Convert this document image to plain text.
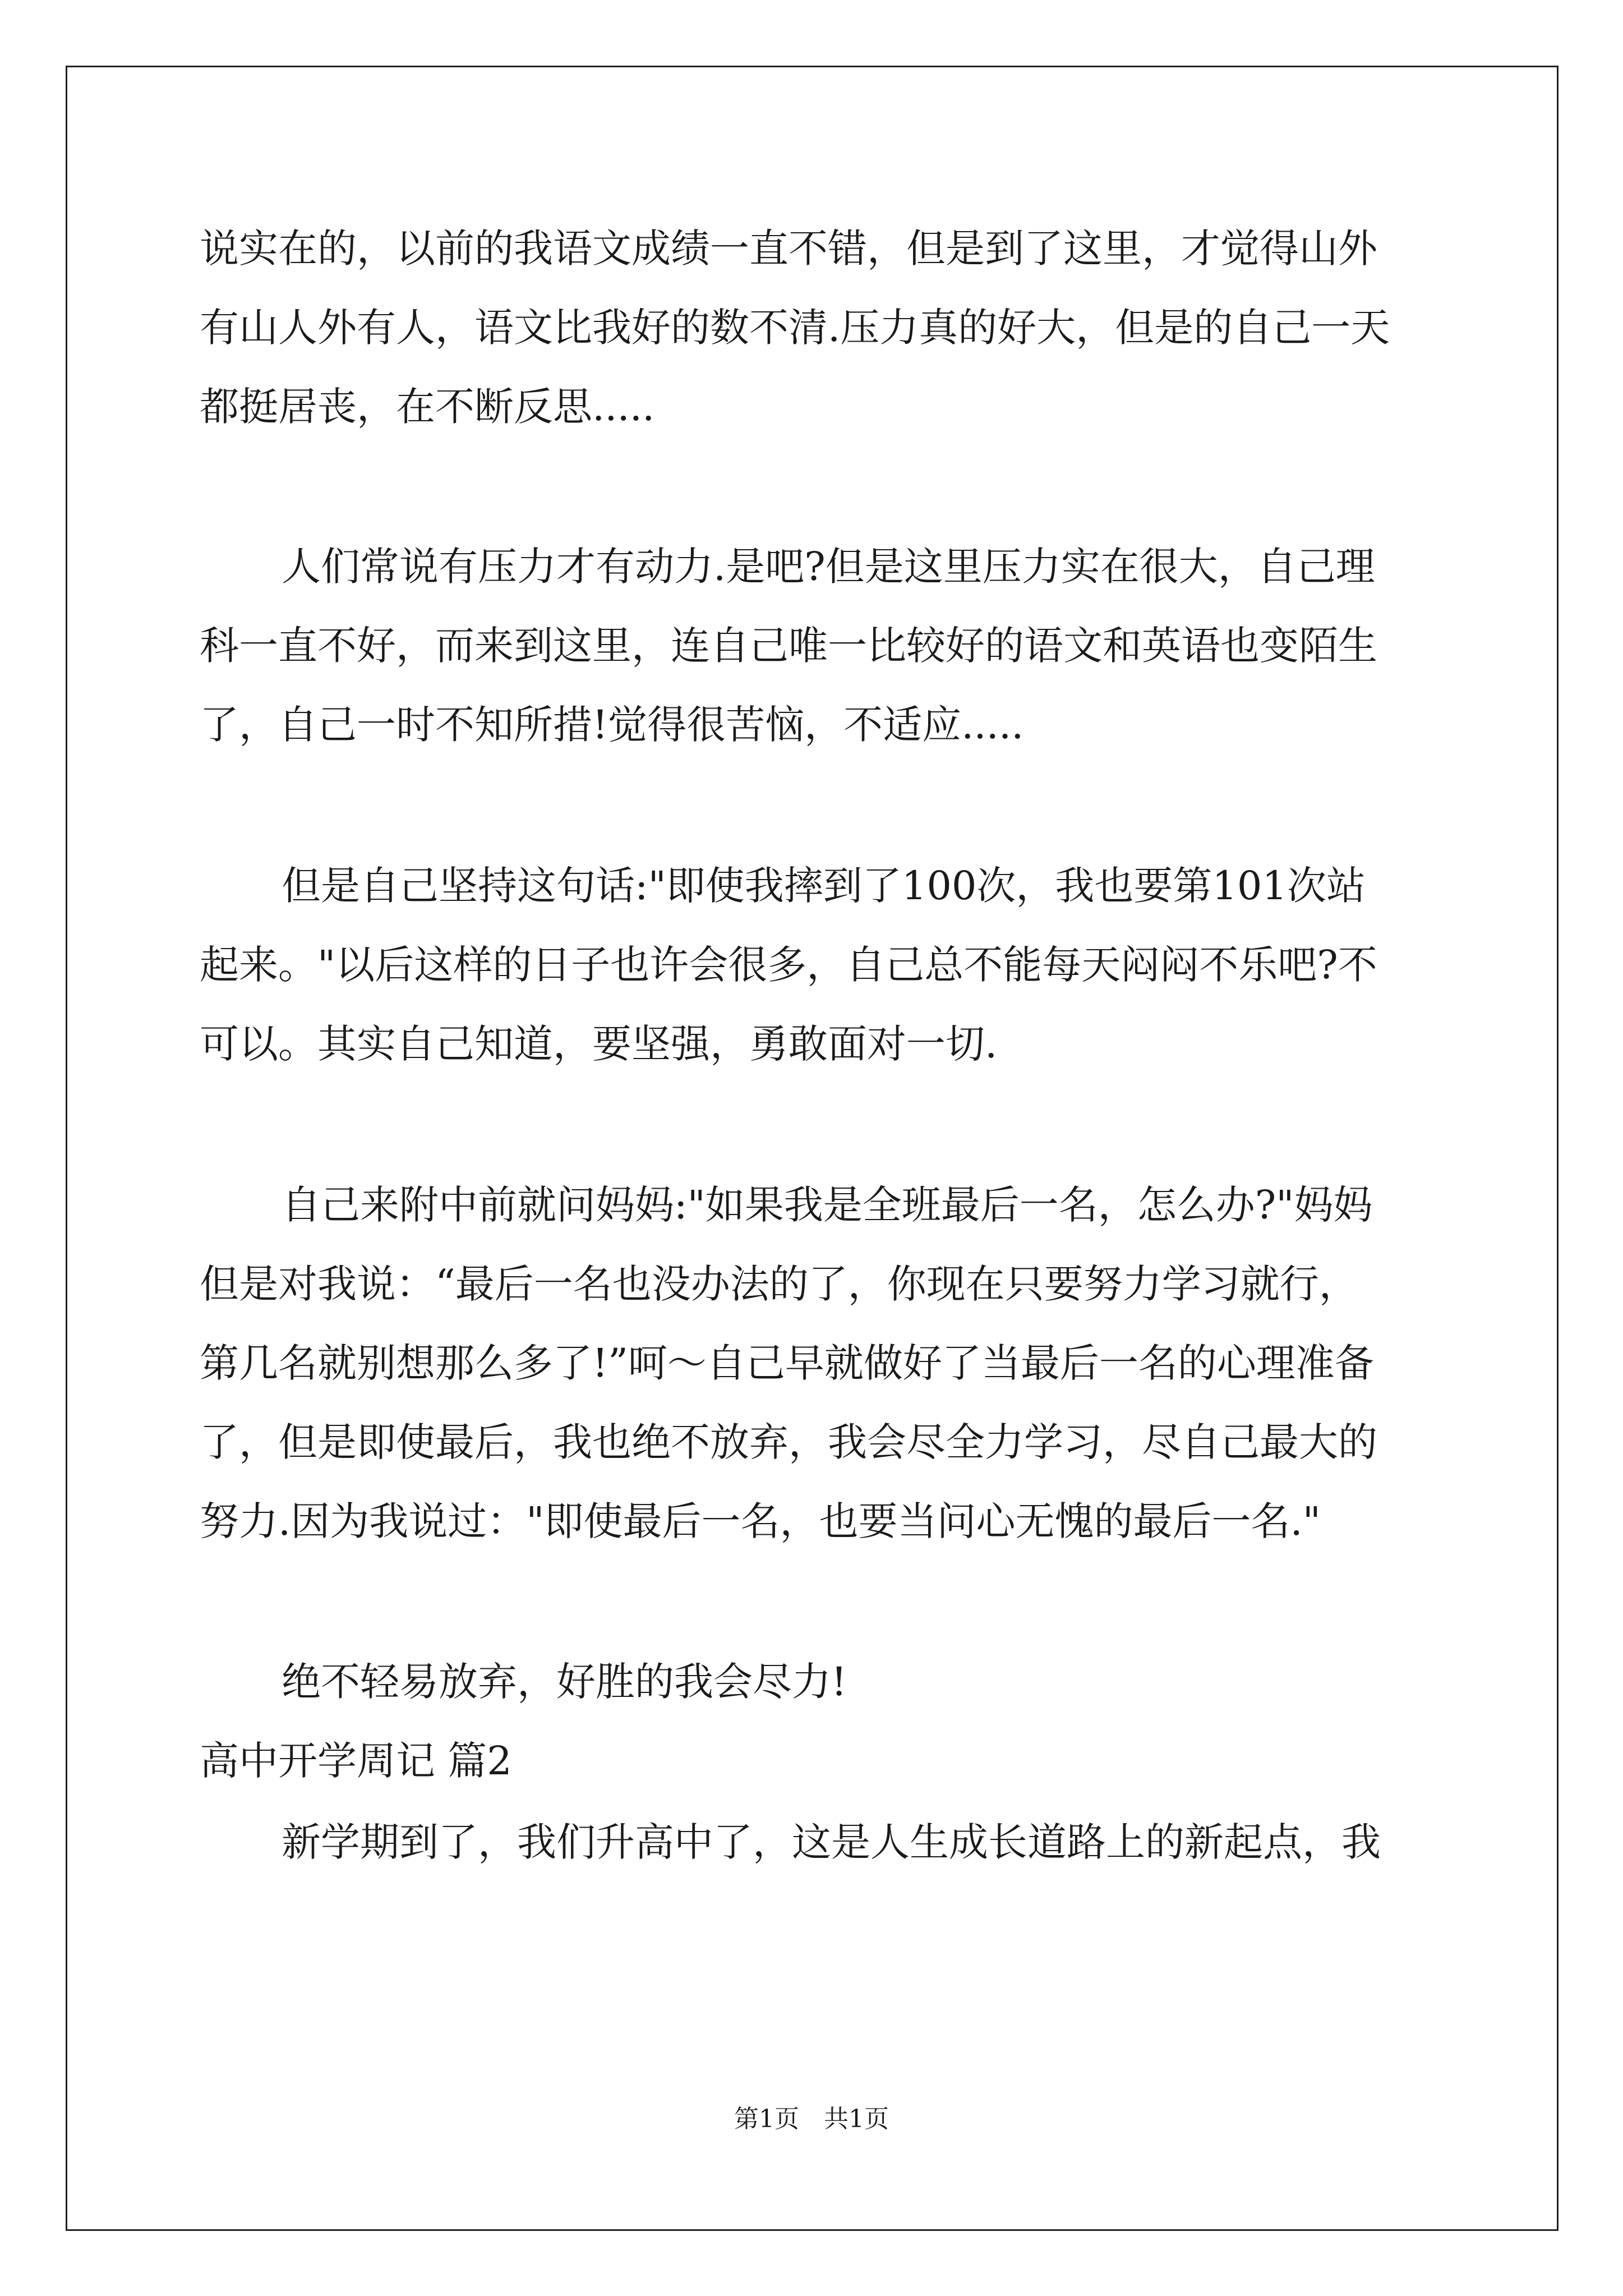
说实在的，以前的我语文成绩一直不错，但是到了这里，才觉得山外
有山人外有人，语文比我好的数不清.压力真的好大，但是的自己一天
都挺居丧，在不断反思.....
人们常说有压力才有动力.是吧?但是这里压力实在很大，自己理
科一直不好，而来到这里，连自己唯一比较好的语文和英语也变陌生
了，自己一时不知所措!觉得很苦恼，不适应.....
但是自己坚持这句话:"即使我摔到了100次，我也要第101次站
起来。"以后这样的日子也许会很多，自己总不能每天闷闷不乐吧?不
可以。其实自己知道，要坚强，勇敢面对一切.
自己来附中前就问妈妈:"如果我是全班最后一名，怎么办?"妈妈
但是对我说：“最后一名也没办法的了，你现在只要努力学习就行，
第几名就别想那么多了!”呵～自己早就做好了当最后一名的心理准备
了，但是即使最后，我也绝不放弃，我会尽全力学习，尽自己最大的
努力.因为我说过："即使最后一名，也要当问心无愧的最后一名."
绝不轻易放弃，好胜的我会尽力!
高中开学周记 篇2
新学期到了，我们升高中了，这是人生成长道路上的新起点，我
第1页　共1页
